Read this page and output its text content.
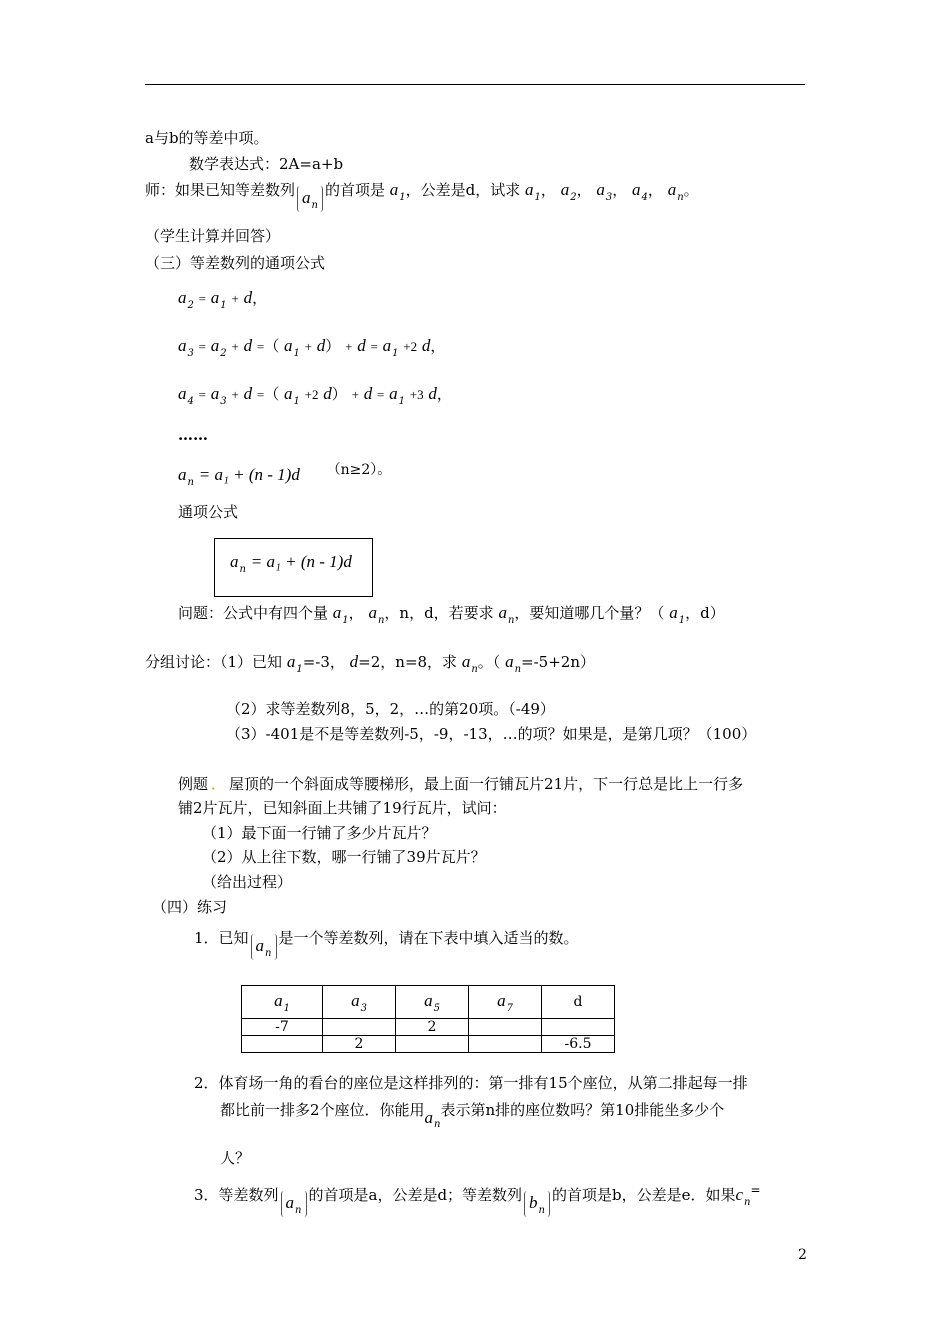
a与b的等差中项。
数学表达式：2A=a+b
师：如果已知等差数列 $a_n$的首项是 $a_1$，公差是d，试求 $a_1$， $a_2$， $a_3$， $a_4$， $a_n$。
（学生计算并回答）
（三）等差数列的通项公式
$a_2 = a_1 + d$，
$a_3 = a_2 + d$ =（ $a_1 + d) + d = a_1 +2$ d，
$a_4 = a_3 + d$ =（ $a_1 +2$ $d) + d = a_1 +3$ d，
……
$a_n = a_1 + (n - 1)d$ （n≥2）。
通项公式
$a_n = a_1 + (n - 1)d$
问题：公式中有四个量 $a_1$， $a_n$，n，d，若要求 $a_n$，要知道哪几个量？（ $a_1$，d）
分组讨论：（1）已知 $a_1=-3$， d=2，n=8，求 $a_n$。（ $a_n=-5+2n$）
（2）求等差数列8，5，2，…的第20项。（-49）
（3）-401是不是等差数列-5，-9，-13，…的项？如果是，是第几项？（100）
例题 ． 屋顶的一个斜面成等腰梯形，最上面一行铺瓦片21片，下一行总是比上一行多
铺2片瓦片，已知斜面上共铺了19行瓦片，试问：
（1）最下面一行铺了多少片瓦片？
（2）从上往下数，哪一行铺了39片瓦片？
（给出过程）
（四）练习
1．已知 $a_n$是一个等差数列，请在下表中填入适当的数。
$a_1$	$a_3$	$a_5$	$a_7$	d
-7		2		
	2			-6.5
2．体育场一角的看台的座位是这样排列的：第一排有15个座位，从第二排起每一排
都比前一排多2个座位．你能用$a_n$表示第n排的座位数吗？第10排能坐多少个
人？
3．等差数列 $a_n$的首项是a，公差是d；等差数列 $b_n$的首项是b，公差是e．如果$c_n^=$
2
